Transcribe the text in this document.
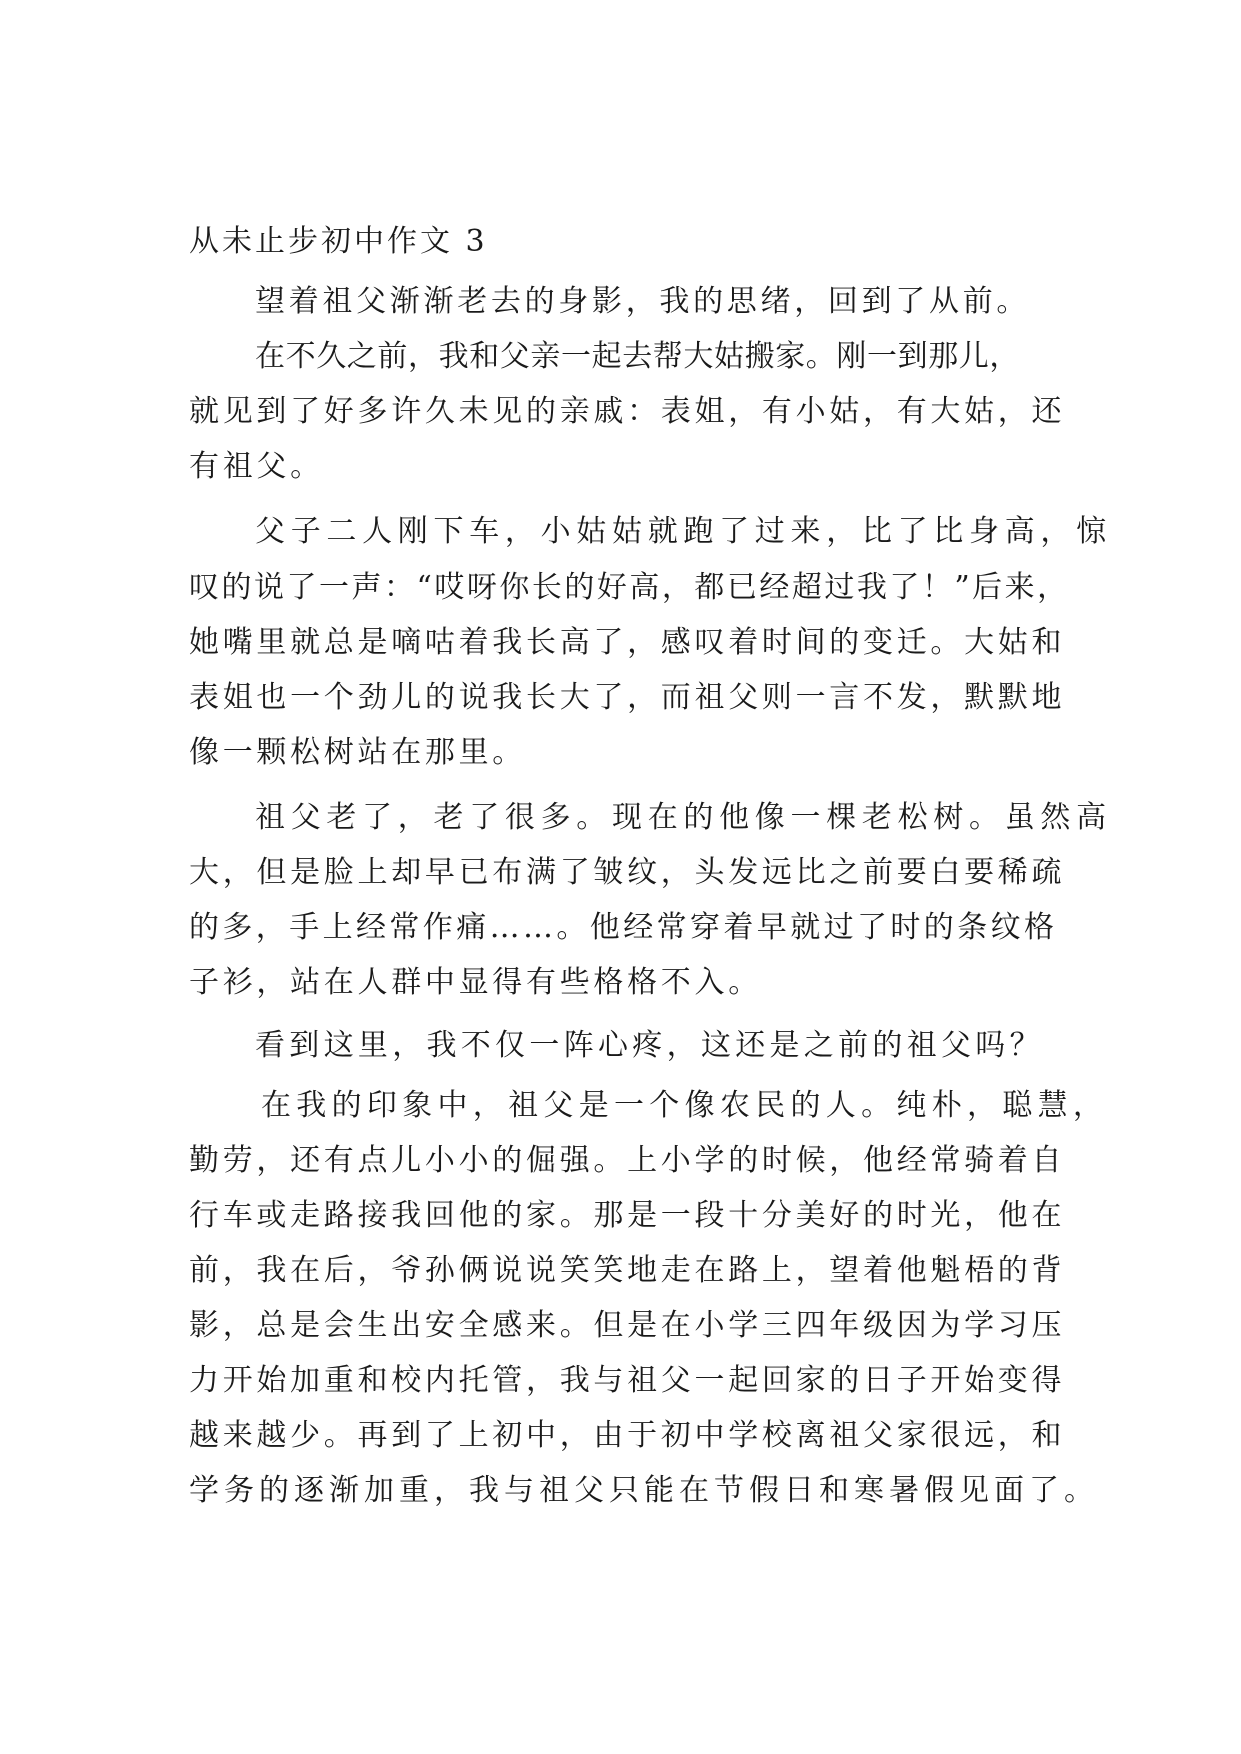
从未止步初中作文 3

望着祖父渐渐老去的身影，我的思绪，回到了从前。

在不久之前，我和父亲一起去帮大姑搬家。刚一到那儿，

就见到了好多许久未见的亲戚：表姐，有小姑，有大姑，还

有祖父。

父子二人刚下车，小姑姑就跑了过来，比了比身高，惊

叹的说了一声：“哎呀你长的好高，都已经超过我了！”后来，

她嘴里就总是嘀咕着我长高了，感叹着时间的变迁。大姑和

表姐也一个劲儿的说我长大了，而祖父则一言不发，默默地

像一颗松树站在那里。

祖父老了，老了很多。现在的他像一棵老松树。虽然高

大，但是脸上却早已布满了皱纹，头发远比之前要白要稀疏

的多，手上经常作痛……。他经常穿着早就过了时的条纹格

子衫，站在人群中显得有些格格不入。

看到这里，我不仅一阵心疼，这还是之前的祖父吗？

在我的印象中，祖父是一个像农民的人。纯朴，聪慧，

勤劳，还有点儿小小的倔强。上小学的时候，他经常骑着自

行车或走路接我回他的家。那是一段十分美好的时光，他在

前，我在后，爷孙俩说说笑笑地走在路上，望着他魁梧的背

影，总是会生出安全感来。但是在小学三四年级因为学习压

力开始加重和校内托管，我与祖父一起回家的日子开始变得

越来越少。再到了上初中，由于初中学校离祖父家很远，和

学务的逐渐加重，我与祖父只能在节假日和寒暑假见面了。
